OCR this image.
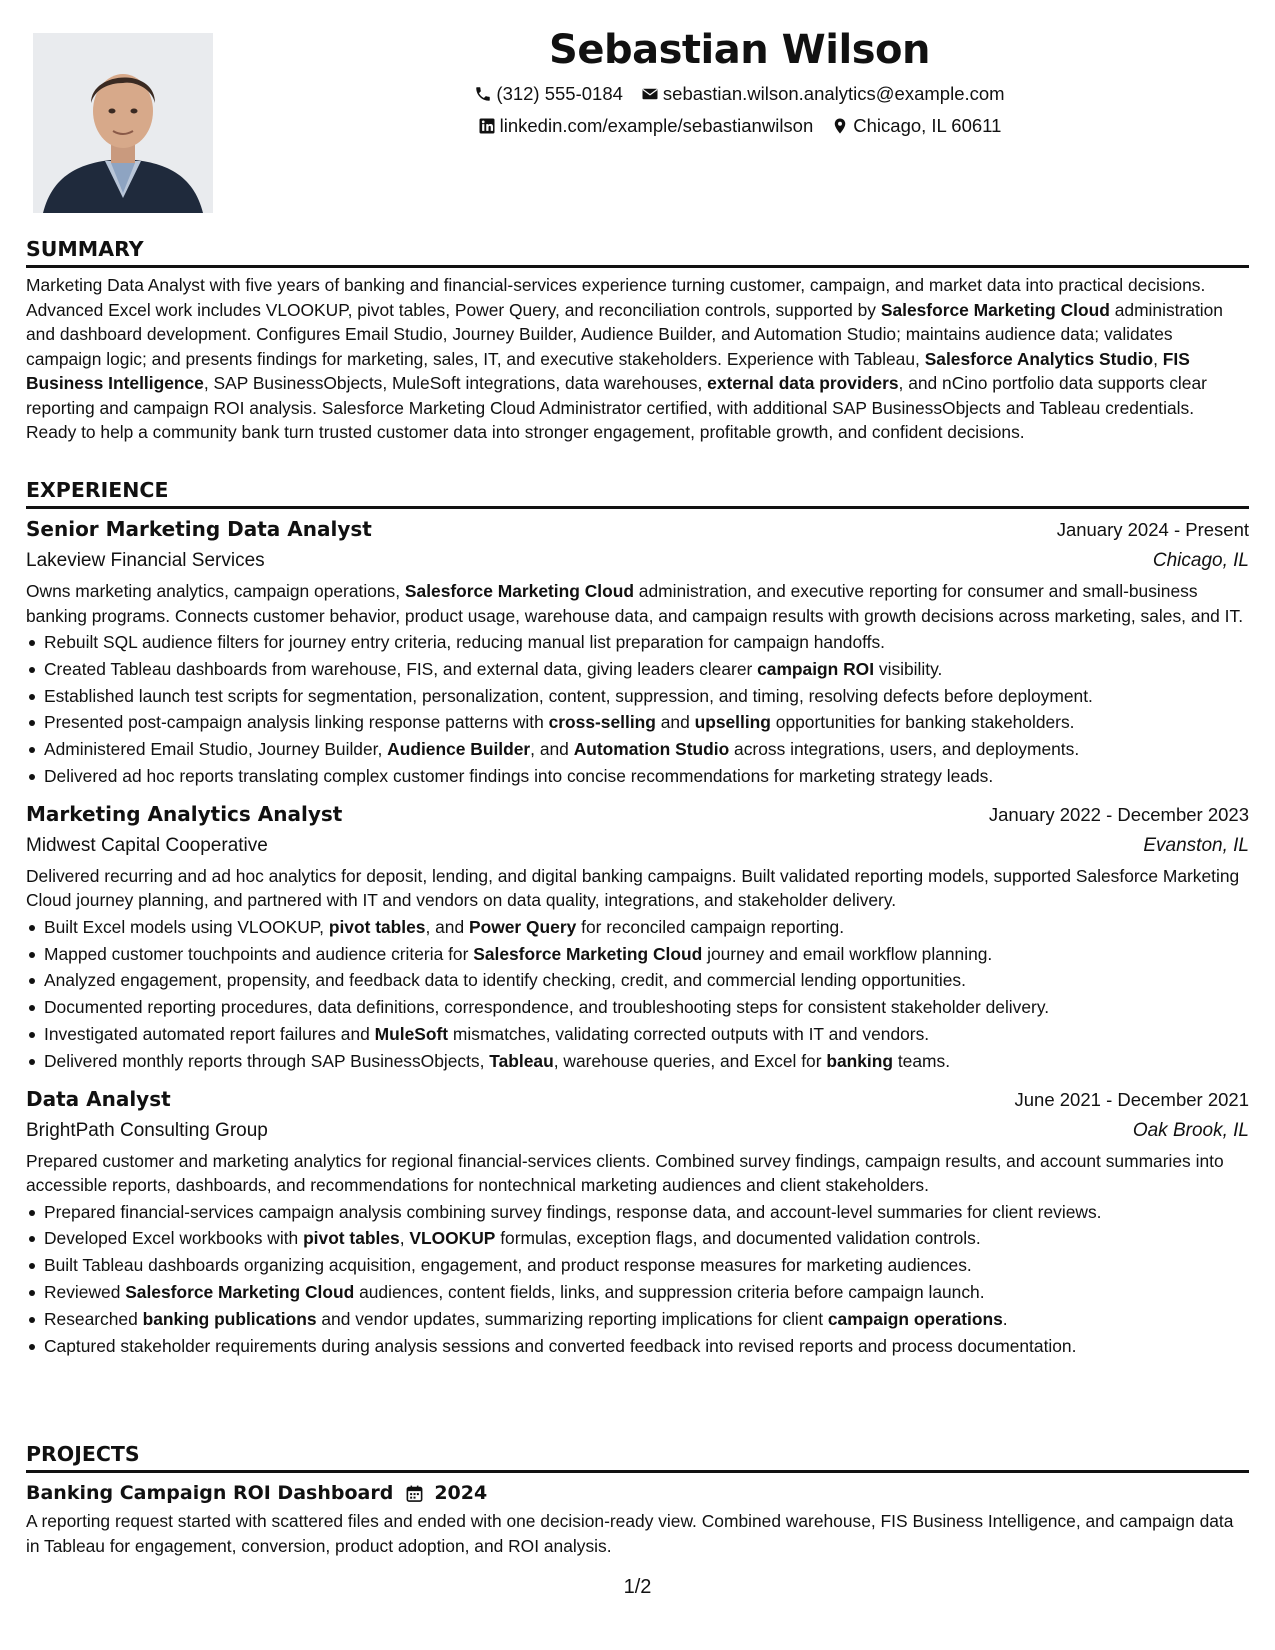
Sebastian Wilson
(312) 555-0184 sebastian.wilson.analytics@example.com
linkedin.com/example/sebastianwilson Chicago, IL 60611
SUMMARY

Marketing Data Analyst with five years of banking and financial-services experience turning customer, campaign, and market data into practical decisions. Advanced Excel work includes VLOOKUP, pivot tables, Power Query, and reconciliation controls, supported by Salesforce Marketing Cloud administration and dashboard development. Configures Email Studio, Journey Builder, Audience Builder, and Automation Studio; maintains audience data; validates campaign logic; and presents findings for marketing, sales, IT, and executive stakeholders. Experience with Tableau, Salesforce Analytics Studio, FIS Business Intelligence, SAP BusinessObjects, MuleSoft integrations, data warehouses, external data providers, and nCino portfolio data supports clear reporting and campaign ROI analysis. Salesforce Marketing Cloud Administrator certified, with additional SAP BusinessObjects and Tableau credentials. Ready to help a community bank turn trusted customer data into stronger engagement, profitable growth, and confident decisions.

EXPERIENCE
Senior Marketing Data Analyst	January 2024 - Present
Lakeview Financial Services	Chicago, IL

Owns marketing analytics, campaign operations, Salesforce Marketing Cloud administration, and executive reporting for consumer and small-business banking programs. Connects customer behavior, product usage, warehouse data, and campaign results with growth decisions across marketing, sales, and IT.

Rebuilt SQL audience filters for journey entry criteria, reducing manual list preparation for campaign handoffs.
Created Tableau dashboards from warehouse, FIS, and external data, giving leaders clearer campaign ROI visibility.
Established launch test scripts for segmentation, personalization, content, suppression, and timing, resolving defects before deployment.
Presented post-campaign analysis linking response patterns with cross-selling and upselling opportunities for banking stakeholders.
Administered Email Studio, Journey Builder, Audience Builder, and Automation Studio across integrations, users, and deployments.
Delivered ad hoc reports translating complex customer findings into concise recommendations for marketing strategy leads.
Marketing Analytics Analyst	January 2022 - December 2023
Midwest Capital Cooperative	Evanston, IL

Delivered recurring and ad hoc analytics for deposit, lending, and digital banking campaigns. Built validated reporting models, supported Salesforce Marketing Cloud journey planning, and partnered with IT and vendors on data quality, integrations, and stakeholder delivery.

Built Excel models using VLOOKUP, pivot tables, and Power Query for reconciled campaign reporting.
Mapped customer touchpoints and audience criteria for Salesforce Marketing Cloud journey and email workflow planning.
Analyzed engagement, propensity, and feedback data to identify checking, credit, and commercial lending opportunities.
Documented reporting procedures, data definitions, correspondence, and troubleshooting steps for consistent stakeholder delivery.
Investigated automated report failures and MuleSoft mismatches, validating corrected outputs with IT and vendors.
Delivered monthly reports through SAP BusinessObjects, Tableau, warehouse queries, and Excel for banking teams.
Data Analyst	June 2021 - December 2021
BrightPath Consulting Group	Oak Brook, IL

Prepared customer and marketing analytics for regional financial-services clients. Combined survey findings, campaign results, and account summaries into accessible reports, dashboards, and recommendations for nontechnical marketing audiences and client stakeholders.

Prepared financial-services campaign analysis combining survey findings, response data, and account-level summaries for client reviews.
Developed Excel workbooks with pivot tables, VLOOKUP formulas, exception flags, and documented validation controls.
Built Tableau dashboards organizing acquisition, engagement, and product response measures for marketing audiences.
Reviewed Salesforce Marketing Cloud audiences, content fields, links, and suppression criteria before campaign launch.
Researched banking publications and vendor updates, summarizing reporting implications for client campaign operations.
Captured stakeholder requirements during analysis sessions and converted feedback into revised reports and process documentation.
PROJECTS
Banking Campaign ROI Dashboard 2024

A reporting request started with scattered files and ended with one decision-ready view. Combined warehouse, FIS Business Intelligence, and campaign data in Tableau for engagement, conversion, product adoption, and ROI analysis.

1/2
